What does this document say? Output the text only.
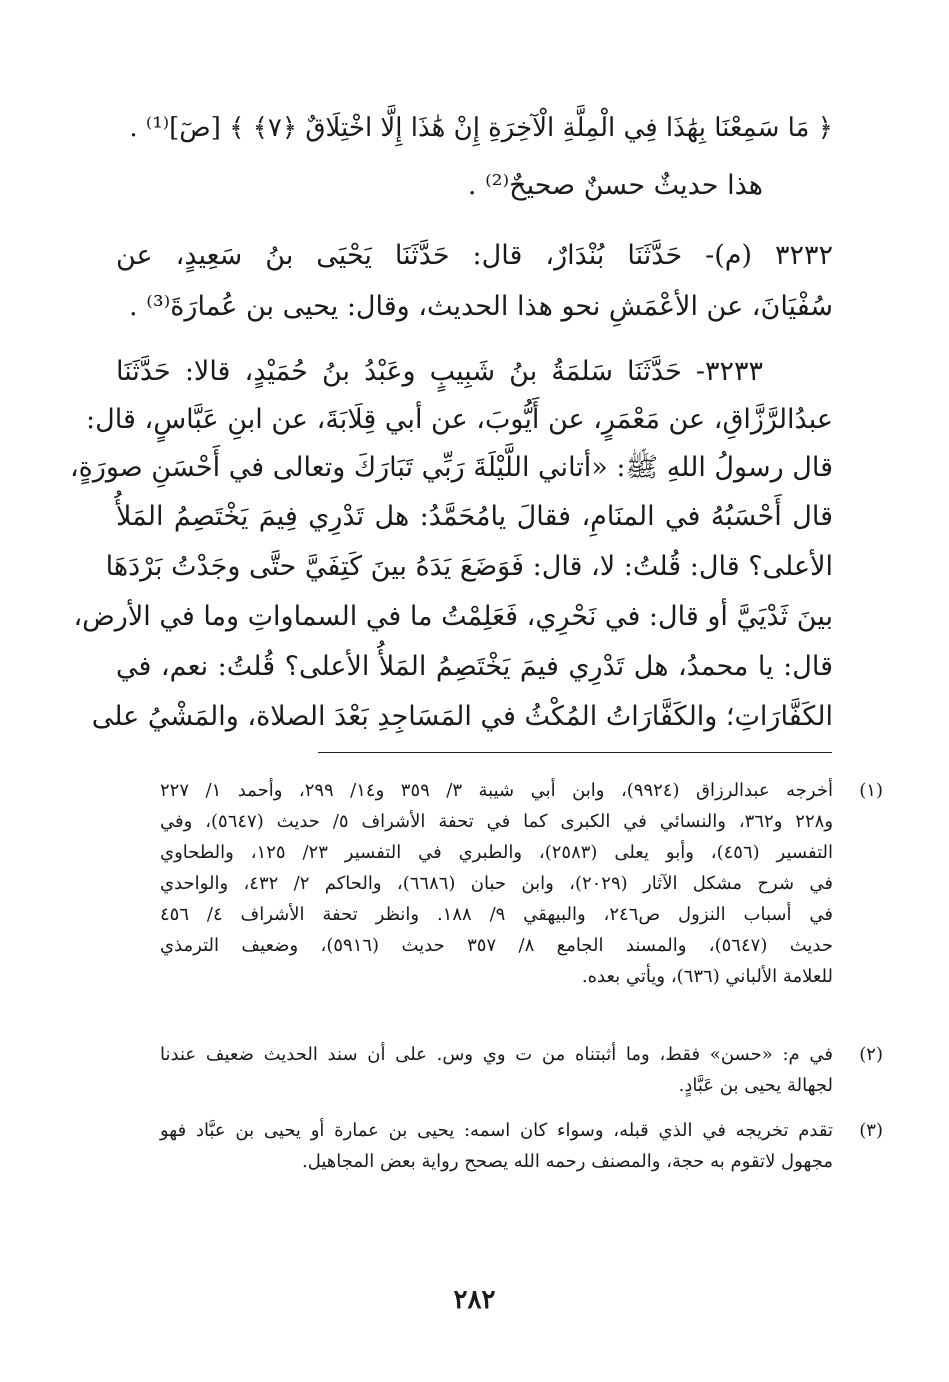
﴿ مَا سَمِعْنَا بِهَٰذَا فِي الْمِلَّةِ الْآخِرَةِ إِنْ هَٰذَا إِلَّا اخْتِلَاقٌ ﴿٧﴾ ﴾ [صٓ]⁽¹⁾ .
هذا حديثٌ حسنٌ صحيحٌ⁽²⁾ .
٣٢٣٢ (م)- حَدَّثَنَا بُنْدَارٌ، قال: حَدَّثَنَا يَحْيَى بنُ سَعِيدٍ، عن
سُفْيَانَ، عن الأعْمَشِ نحو هذا الحديث، وقال: يحيى بن عُمارَةَ⁽³⁾ .
٣٢٣٣- حَدَّثَنَا سَلمَةُ بنُ شَبِيبٍ وعَبْدُ بنُ حُمَيْدٍ، قالا: حَدَّثَنَا
عبدُالرَّزَّاقِ، عن مَعْمَرٍ، عن أَيُّوبَ، عن أبي قِلَابَةَ، عن ابنِ عَبَّاسٍ، قال:
قال رسولُ اللهِ ﷺ: «أتاني اللَّيْلَةَ رَبِّي تَبَارَكَ وتعالى في أَحْسَنِ صورَةٍ،
قال أَحْسَبُهُ في المنَامِ، فقالَ يامُحَمَّدُ: هل تَدْرِي فِيمَ يَخْتَصِمُ المَلأُ
الأعلى؟ قال: قُلتُ: لا، قال: فَوَضَعَ يَدَهُ بينَ كَتِفَيَّ حتَّى وجَدْتُ بَرْدَهَا
بينَ ثَدْيَيَّ أو قال: في نَحْرِي، فَعَلِمْتُ ما في السماواتِ وما في الأرض،
قال: يا محمدُ، هل تَدْرِي فيمَ يَخْتَصِمُ المَلأُ الأعلى؟ قُلتُ: نعم، في
الكَفَّارَاتِ؛ والكَفَّارَاتُ المُكْثُ في المَسَاجِدِ بَعْدَ الصلاة، والمَشْيُ على
(١)
أخرجه عبدالرزاق (٩٩٢٤)، وابن أبي شيبة ٣/ ٣٥٩ و١٤/ ٢٩٩، وأحمد ١/ ٢٢٧
و٢٢٨ و٣٦٢، والنسائي في الكبرى كما في تحفة الأشراف ٥/ حديث (٥٦٤٧)، وفي
التفسير (٤٥٦)، وأبو يعلى (٢٥٨٣)، والطبري في التفسير ٢٣/ ١٢٥، والطحاوي
في شرح مشكل الآثار (٢٠٢٩)، وابن حبان (٦٦٨٦)، والحاكم ٢/ ٤٣٢، والواحدي
في أسباب النزول ص٢٤٦، والبيهقي ٩/ ١٨٨. وانظر تحفة الأشراف ٤/ ٤٥٦
حديث (٥٦٤٧)، والمسند الجامع ٨/ ٣٥٧ حديث (٥٩١٦)، وضعيف الترمذي
للعلامة الألباني (٦٣٦)، ويأتي بعده.
(٢)
في م: «حسن» فقط، وما أثبتناه من ت وي وس. على أن سند الحديث ضعيف عندنا
لجهالة يحيى بن عَبَّادٍ.
(٣)
تقدم تخريجه في الذي قبله، وسواء كان اسمه: يحيى بن عمارة أو يحيى بن عبَّاد فهو
مجهول لاتقوم به حجة، والمصنف رحمه الله يصحح رواية بعض المجاهيل.
٢٨٢
